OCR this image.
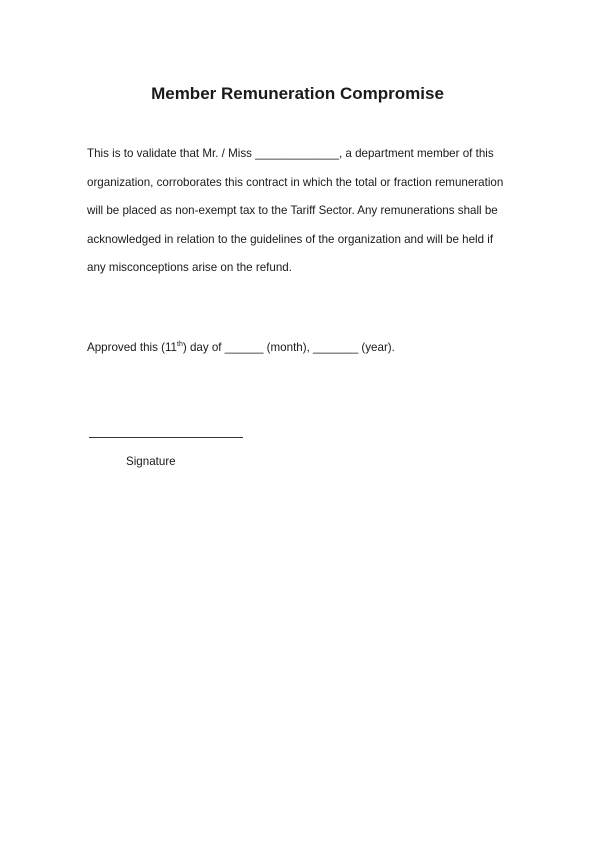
Member Remuneration Compromise
This is to validate that Mr. / Miss _____________, a department member of this
organization, corroborates this contract in which the total or fraction remuneration
will be placed as non-exempt tax to the Tariff Sector. Any remunerations shall be
acknowledged in relation to the guidelines of the organization and will be held if
any misconceptions arise on the refund.
Approved this (11th) day of ______ (month), _______ (year).
Signature
